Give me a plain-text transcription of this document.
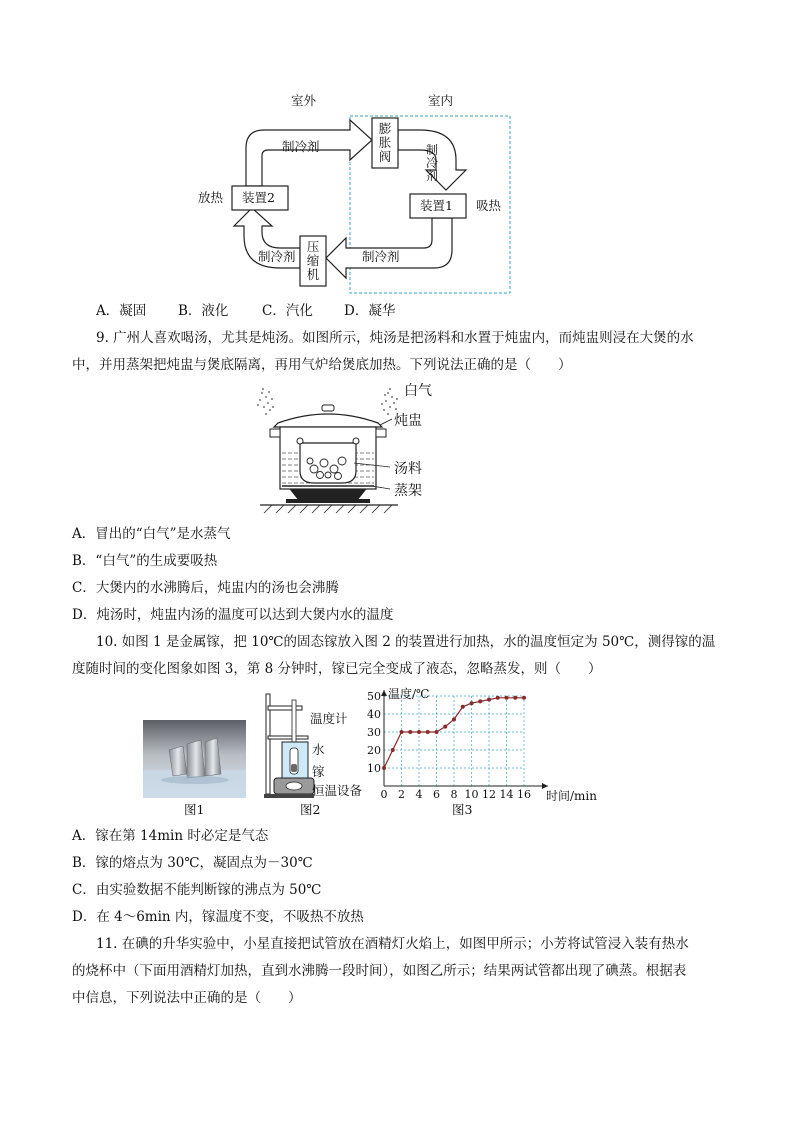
室外	室内
膨
胀
阀
压
缩
机
装置2
装置1
放热
吸热
制冷剂	制
冷
剂
制冷剂
制冷剂
A．凝固 B．液化 C．汽化 D．凝华
9. 广州人喜欢喝汤，尤其是炖汤。如图所示，炖汤是把汤料和水置于炖盅内，而炖盅则浸在大煲的水
中，并用蒸架把炖盅与煲底隔离，再用气炉给煲底加热。下列说法正确的是（　　）
白气
炖盅
汤料
蒸架
A．冒出的“白气”是水蒸气
B．“白气”的生成要吸热
C．大煲内的水沸腾后，炖盅内的汤也会沸腾
D．炖汤时，炖盅内汤的温度可以达到大煲内水的温度
10. 如图 1 是金属镓，把 10℃的固态镓放入图 2 的装置进行加热，水的温度恒定为 50℃，测得镓的温
度随时间的变化图象如图 3，第 8 分钟时，镓已完全变成了液态，忽略蒸发，则（　　）
图1
温度计
水
镓
恒温设备
图2
0 2 4 6 8 10 12 14 16
10
20
30
40
50 温度/℃
时间/min
图3
A．镓在第 14min 时必定是气态
B．镓的熔点为 30℃，凝固点为－30℃
C．由实验数据不能判断镓的沸点为 50℃
D．在 4～6min 内，镓温度不变，不吸热不放热
11. 在碘的升华实验中，小星直接把试管放在酒精灯火焰上，如图甲所示；小芳将试管浸入装有热水
的烧杯中（下面用酒精灯加热，直到水沸腾一段时间），如图乙所示；结果两试管都出现了碘蒸。根据表
中信息，下列说法中正确的是（　　）
